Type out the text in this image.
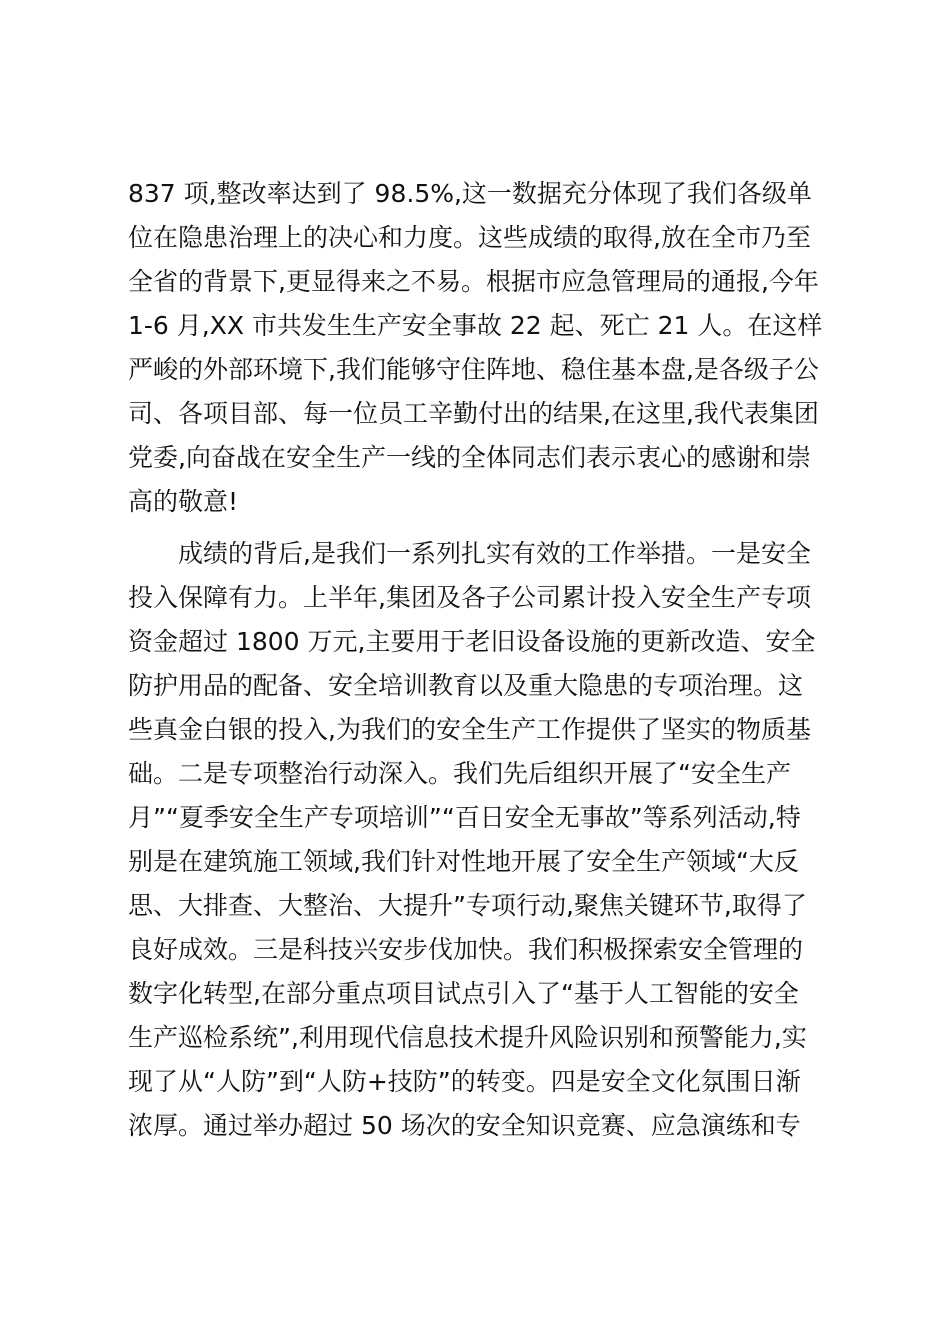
837 项,整改率达到了 98.5%,这一数据充分体现了我们各级单
位在隐患治理上的决心和力度。这些成绩的取得,放在全市乃至
全省的背景下,更显得来之不易。根据市应急管理局的通报,今年
1-6 月,XX 市共发生生产安全事故 22 起、死亡 21 人。在这样
严峻的外部环境下,我们能够守住阵地、稳住基本盘,是各级子公
司、各项目部、每一位员工辛勤付出的结果,在这里,我代表集团
党委,向奋战在安全生产一线的全体同志们表示衷心的感谢和崇
高的敬意!
成绩的背后,是我们一系列扎实有效的工作举措。一是安全
投入保障有力。上半年,集团及各子公司累计投入安全生产专项
资金超过 1800 万元,主要用于老旧设备设施的更新改造、安全
防护用品的配备、安全培训教育以及重大隐患的专项治理。这
些真金白银的投入,为我们的安全生产工作提供了坚实的物质基
础。二是专项整治行动深入。我们先后组织开展了“安全生产
月”“夏季安全生产专项培训”“百日安全无事故”等系列活动,特
别是在建筑施工领域,我们针对性地开展了安全生产领域“大反
思、大排查、大整治、大提升”专项行动,聚焦关键环节,取得了
良好成效。三是科技兴安步伐加快。我们积极探索安全管理的
数字化转型,在部分重点项目试点引入了“基于人工智能的安全
生产巡检系统”,利用现代信息技术提升风险识别和预警能力,实
现了从“人防”到“人防+技防”的转变。四是安全文化氛围日渐
浓厚。通过举办超过 50 场次的安全知识竞赛、应急演练和专
